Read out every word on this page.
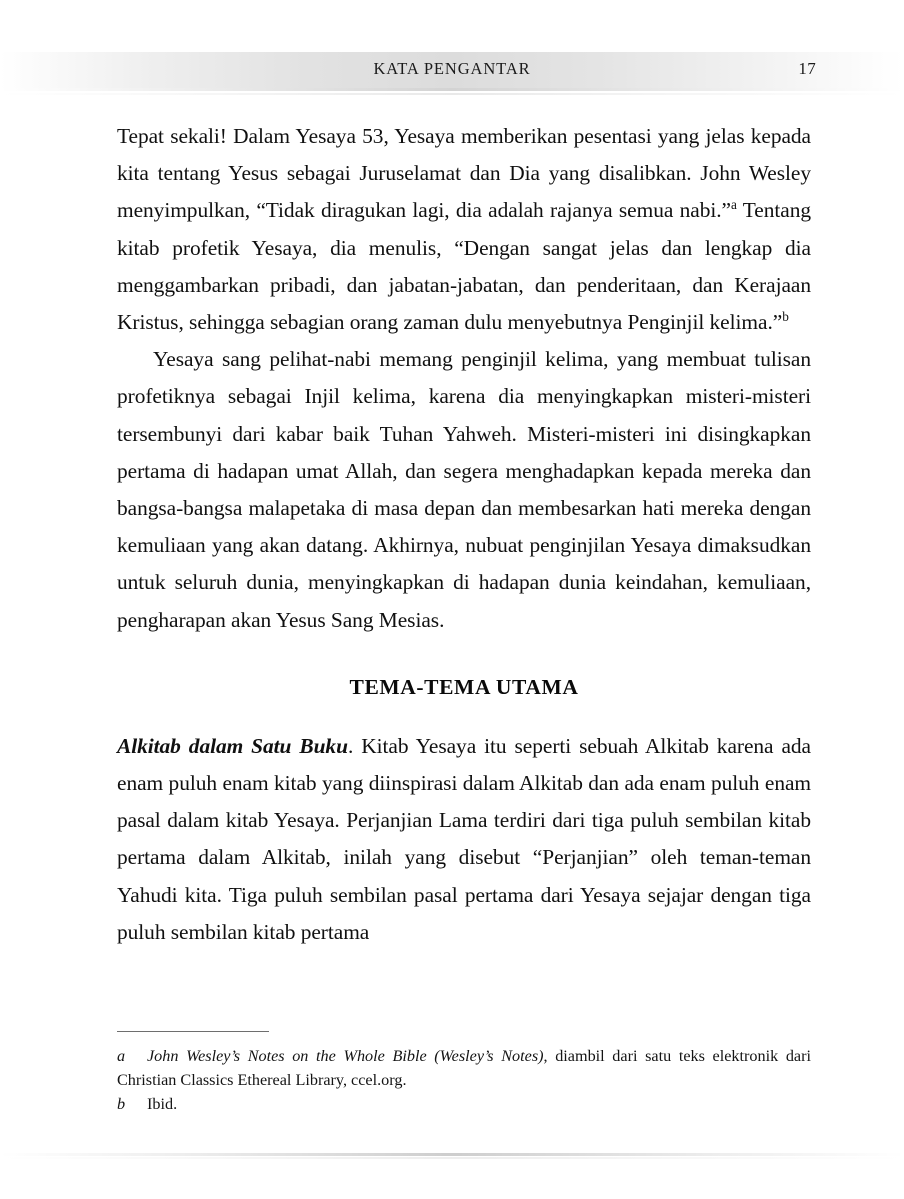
KATA PENGANTAR	17

Tepat sekali! Dalam Yesaya 53, Yesaya memberikan pesentasi yang jelas kepada kita tentang Yesus sebagai Juruselamat dan Dia yang disalibkan. John Wesley menyimpulkan, “Tidak diragukan lagi, dia adalah rajanya semua nabi.”$^a$ Tentang kitab profetik Yesaya, dia menulis, “Dengan sangat jelas dan lengkap dia menggambarkan pribadi, dan jabatan-jabatan, dan penderitaan, dan Kerajaan Kristus, sehingga sebagian orang zaman dulu menyebutnya Penginjil kelima.”$^b$

Yesaya sang pelihat-nabi memang penginjil kelima, yang membuat tulisan profetiknya sebagai Injil kelima, karena dia menyingkapkan misteri-misteri tersembunyi dari kabar baik Tuhan Yahweh. Misteri-misteri ini disingkapkan pertama di hadapan umat Allah, dan segera menghadapkan kepada mereka dan bangsa-bangsa malapetaka di masa depan dan membesarkan hati mereka dengan kemuliaan yang akan datang. Akhirnya, nubuat penginjilan Yesaya dimaksudkan untuk seluruh dunia, menyingkapkan di hadapan dunia keindahan, kemuliaan, pengharapan akan Yesus Sang Mesias.

TEMA-TEMA UTAMA

Alkitab dalam Satu Buku. Kitab Yesaya itu seperti sebuah Alkitab karena ada enam puluh enam kitab yang diinspirasi dalam Alkitab dan ada enam puluh enam pasal dalam kitab Yesaya. Perjanjian Lama terdiri dari tiga puluh sembilan kitab pertama dalam Alkitab, inilah yang disebut “Perjanjian” oleh teman-teman Yahudi kita. Tiga puluh sembilan pasal pertama dari Yesaya sejajar dengan tiga puluh sembilan kitab pertama

a John Wesley’s Notes on the Whole Bible (Wesley’s Notes), diambil dari satu teks elektronik dari Christian Classics Ethereal Library, ccel.org.
b Ibid.
